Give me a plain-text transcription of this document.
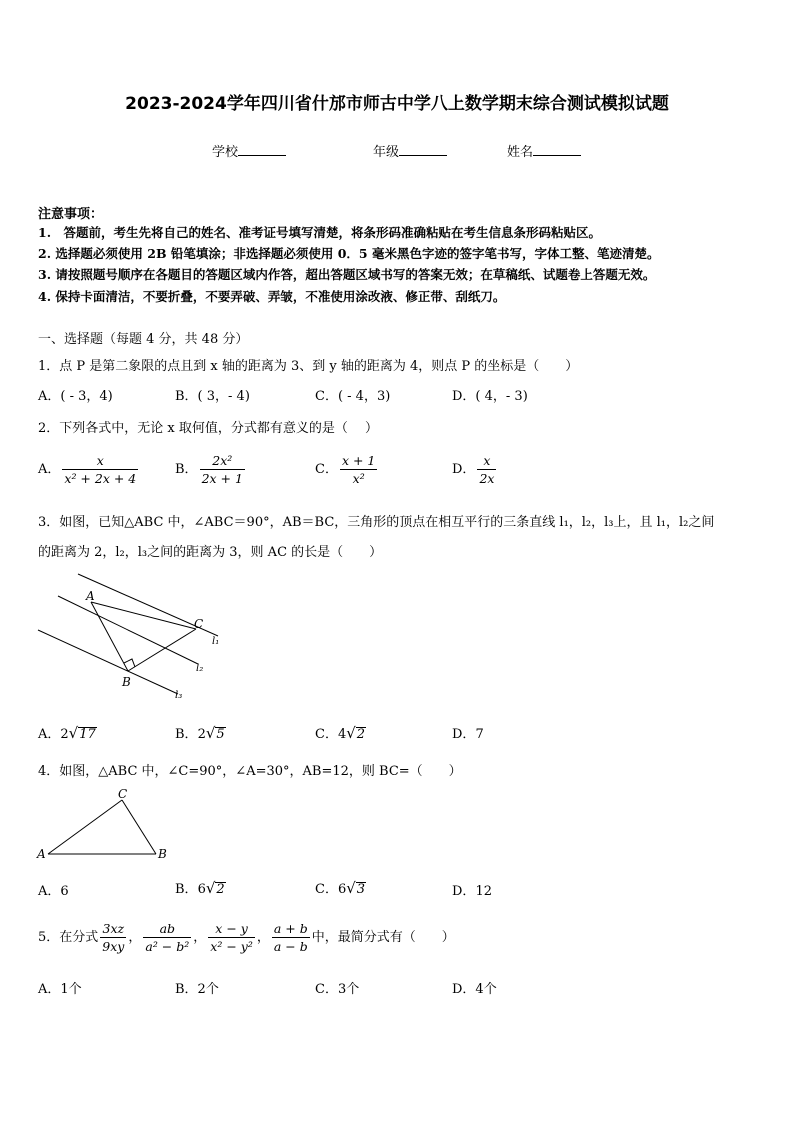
2023-2024学年四川省什邡市师古中学八上数学期末综合测试模拟试题
学校	年级	姓名
注意事项：
1.　答题前，考生先将自己的姓名、准考证号填写清楚，将条形码准确粘贴在考生信息条形码粘贴区。
2. 选择题必须使用 2B 铅笔填涂；非选择题必须使用 0．5 毫米黑色字迹的签字笔书写，字体工整、笔迹清楚。
3. 请按照题号顺序在各题目的答题区域内作答，超出答题区域书写的答案无效；在草稿纸、试题卷上答题无效。
4. 保持卡面清洁，不要折叠，不要弄破、弄皱，不准使用涂改液、修正带、刮纸刀。
一、选择题（每题 4 分，共 48 分）
1．点 P 是第二象限的点且到 x 轴的距离为 3、到 y 轴的距离为 4，则点 P 的坐标是（　　）
A．( - 3，4)	B．( 3，- 4)	C．( - 4，3)	D．( 4，- 3)
2．下列各式中，无论 x 取何值，分式都有意义的是（　 ）
A． $\frac{x}{\text{x² + 2x + 4}}$	B． $\frac{\text{2x²}}{2x + 1}$	C． $\frac{x + 1}{\text{x²}}$	D． $\frac{x}{2x}$
3．如图，已知△ABC 中，∠ABC＝90°，AB＝BC，三角形的顶点在相互平行的三条直线 l₁，l₂，l₃上，且 l₁，l₂之间
的距离为 2，l₂，l₃之间的距离为 3，则 AC 的长是（　　）
A
B
C
l₁
l₂
l₃
A．2√17	B．2√5	C．4√2	D．7
4．如图，△ABC 中，∠C=90°，∠A=30°，AB=12，则 BC=（　　）
A	B
C
A．6	B．6√2	C．6√3	D．12
5．在分式 $\frac{3xz}{9xy}$ ， $\frac{ab}{\text{a² − b²}}$ ， $\frac{x - y}{\text{x² − y²}}$ ， $\frac{a + b}{a - b}$ 中，最简分式有（　　）
A．1个	B．2个	C．3个	D．4个
